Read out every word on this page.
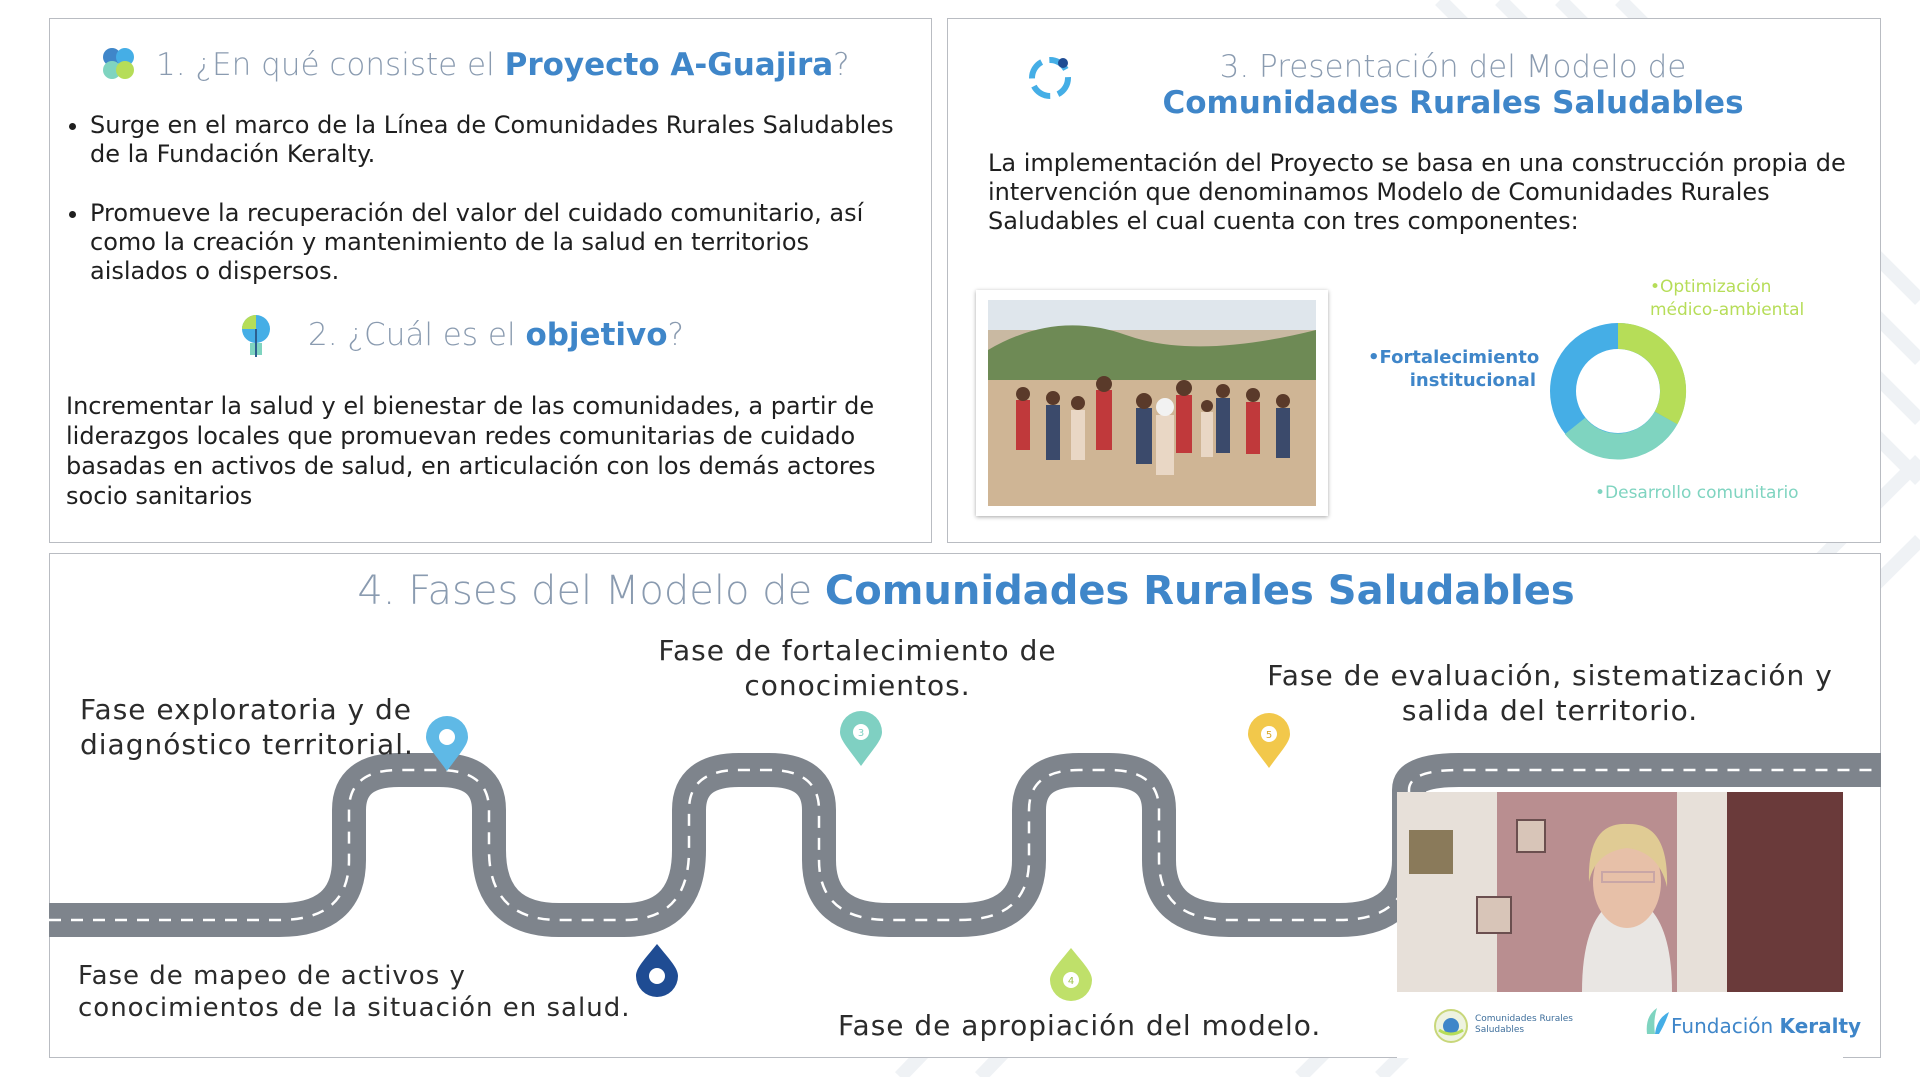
1. ¿En qué consiste el Proyecto A-Guajira?
• Surge en el marco de la Línea de Comunidades Rurales Saludables de la Fundación Keralty.
• Promueve la recuperación del valor del cuidado comunitario, así como la creación y mantenimiento de la salud en territorios aislados o dispersos.
2. ¿Cuál es el objetivo?
Incrementar la salud y el bienestar de las comunidades, a partir de liderazgos locales que promuevan redes comunitarias de cuidado basadas en activos de salud, en articulación con los demás actores socio sanitarios
3. Presentación del Modelo de
Comunidades Rurales Saludables
La implementación del Proyecto se basa en una construcción propia de intervención que denominamos Modelo de Comunidades Rurales Saludables el cual cuenta con tres componentes:
•Fortalecimiento institucional
•Optimización médico-ambiental
•Desarrollo comunitario
4. Fases del Modelo de Comunidades Rurales Saludables
3
4
5
Fase exploratoria y de diagnóstico territorial.
Fase de mapeo de activos y conocimientos de la situación en salud.
Fase de fortalecimiento de conocimientos.
Fase de apropiación del modelo.
Fase de evaluación, sistematización y salida del territorio.
Comunidades Rurales Saludables	Fundación Keralty
